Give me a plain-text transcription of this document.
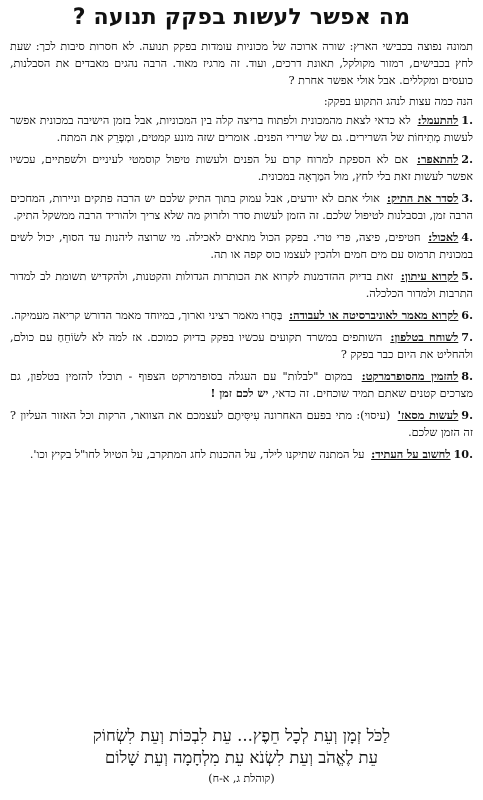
מה אפשר לעשות בפקק תנועה ?

תמונה נפוצה בכבישי הארץ: שורה ארוכה של מכוניות עומדות בפקק תנועה. לא חסרות סיבות לכך: שעת לחץ בכבישים, רמזור מקולקל, תאונת דרכים, ועוד. זה מרגיז מאוד. הרבה נהגים מאבדים את הסבלנות, כועסים ומקללים. אבל אולי אפשר אחרת ?

הנה כמה עצות לנהג התקוע בפקק:

.1להתעמל: לא כדאי לצאת מהמכונית ולפתוח בריצה קלה בין המכוניות, אבל בזמן הישיבה במכונית אפשר לעשות מְתִיחוֹת של השרירים. גם של שרירי הפנים. אומרים שזה מונע קמטים, ומְפָרֵק את המתח.

.2להתאפר: אם לא הספקת למרוח קרם על הפנים ולעשות טיפול קוסמטי לעיניים ולשפתיים, עכשיו אפשר לעשות זאת בלי לחץ, מול המַרְאָה במכונית.

.3לסדר את התיק: אולי אתם לא יודעים, אבל עמוק בתוך התיק שלכם יש הרבה פתקים וניירות, המחכים הרבה זמן, ובסבלנות לטיפול שלכם. זה הזמן לעשות סדר ולזרוק מה שלא צריך ולהוריד הרבה ממשקל התיק.

.4לאכול: חטיפים, פיצה, פרי טרי. בפקק הכול מתאים לאכילה. מי שרוצה ליהנות עד הסוף, יכול לשים במכונית תרמוס עם מים חמים ולהכין לעצמו כוס קפה או תה.

.5לקרוא עיתון: זאת בדיוק ההזדמנות לקרוא את הכותרות הגדולות והקטנות, ולהקדיש תשומת לב למדור התרבות ולמדור הכלכלה.

.6לקרוא מאמר לאוניברסיטה או לעבודה: בַּחֲרוּ מאמר רציני וארוך, במיוחד מאמר הדורש קריאה מעמיקה.

.7לשוחח בטלפון: השותפים במשרד תקועים עכשיו בפקק בדיוק כמוכם. אז למה לא לשׂוֹחֵחַ עם כולם, ולהחליט את היום כבר בפקק ?

.8להזמין מהסופרמרקט: במקום "לבלות" עם העגלה בסופרמרקט הצפוף - תוכלו להזמין בטלפון, גם מצרכים קטנים שאתם תמיד שוכחים. זה כדאי, יש לכם זמן !

.9לעשות מסאז' (עיסוי): מתי בפעם האחרונה עִיסִּיתֶם לעצמכם את הצוואר, הרקות וכל האזור העליון ? זה הזמן שלכם.

.10לחשוב על העתיד: על המתנה שתיקנו לילד, על ההכנות לחג המתקרב, על הטיול לחו"ל בקיץ וכו'.

לַכֹּל זְמָן וְעֵת לְכָל חֵפֶץ... עֵת לִבְכּוֹת וְעֵת לִשְׂחוֹק

עֵת לֶאֱהֹב וְעֵת לִשְׂנֹא עֵת מִלְחָמָה וְעֵת שָׁלוֹם

(קוהלת ג, א-ח)
